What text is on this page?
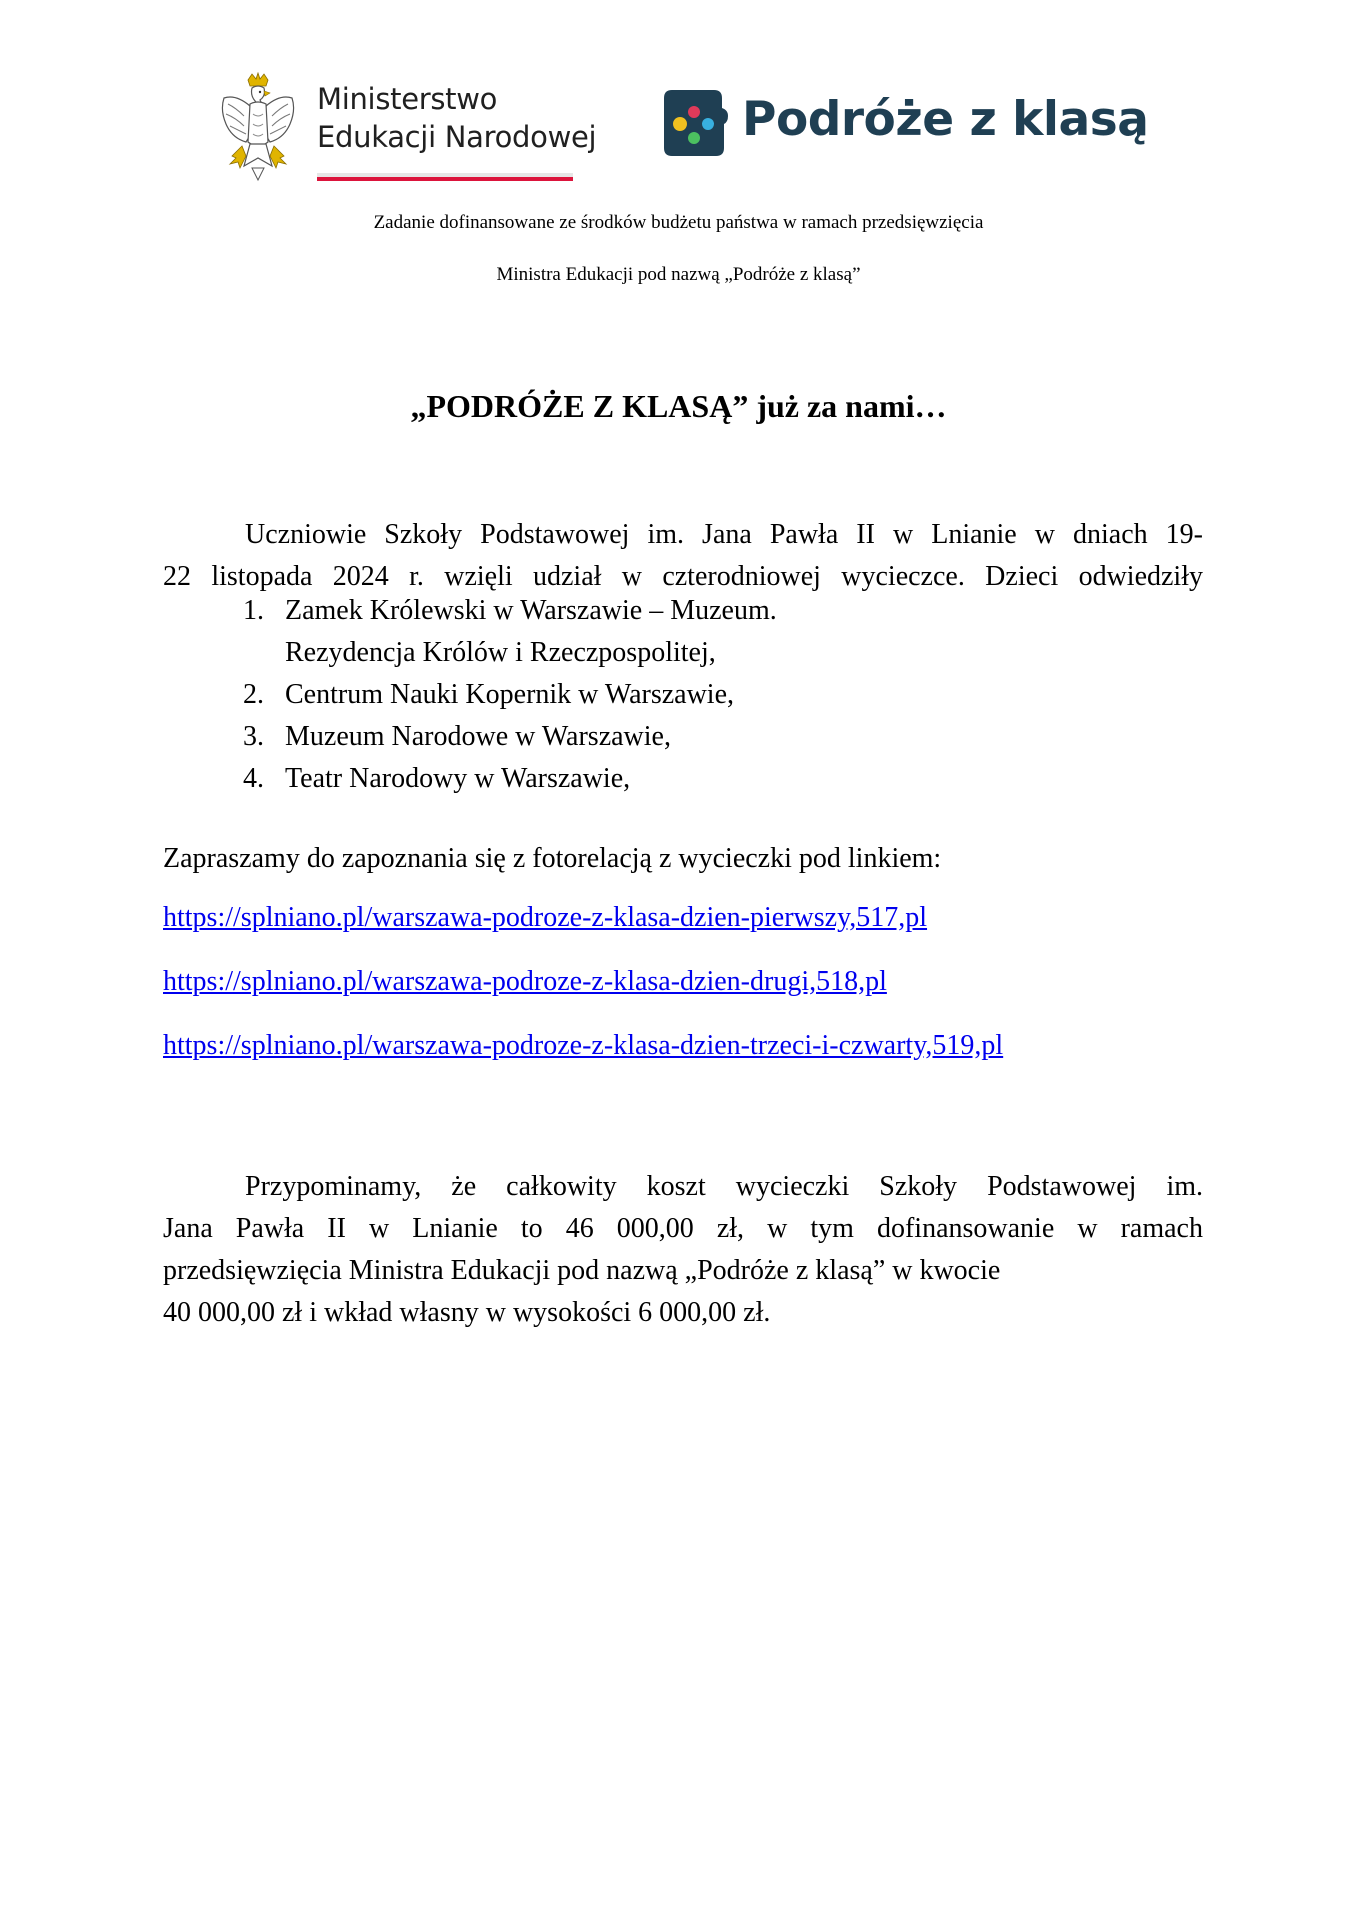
Ministerstwo
Edukacji Narodowej	Podróże z klasą
Zadanie dofinansowane ze środków budżetu państwa w ramach przedsięwzięcia
Ministra Edukacji pod nazwą „Podróże z klasą”
„PODRÓŻE Z KLASĄ” już za nami…
Uczniowie Szkoły Podstawowej im. Jana Pawła II w Lnianie w dniach 19-
22 listopada 2024 r. wzięli udział w czterodniowej wycieczce. Dzieci odwiedziły
1. Zamek Królewski w Warszawie – Muzeum.
Rezydencja Królów i Rzeczpospolitej,
2. Centrum Nauki Kopernik w Warszawie,
3. Muzeum Narodowe w Warszawie,
4. Teatr Narodowy w Warszawie,
Zapraszamy do zapoznania się z fotorelacją z wycieczki pod linkiem:
https://splniano.pl/warszawa-podroze-z-klasa-dzien-pierwszy,517,pl
https://splniano.pl/warszawa-podroze-z-klasa-dzien-drugi,518,pl
https://splniano.pl/warszawa-podroze-z-klasa-dzien-trzeci-i-czwarty,519,pl
Przypominamy, że całkowity koszt wycieczki Szkoły Podstawowej im.
Jana Pawła II w Lnianie to 46 000,00 zł, w tym dofinansowanie w ramach
przedsięwzięcia Ministra Edukacji pod nazwą „Podróże z klasą” w kwocie
40 000,00 zł i wkład własny w wysokości 6 000,00 zł.
